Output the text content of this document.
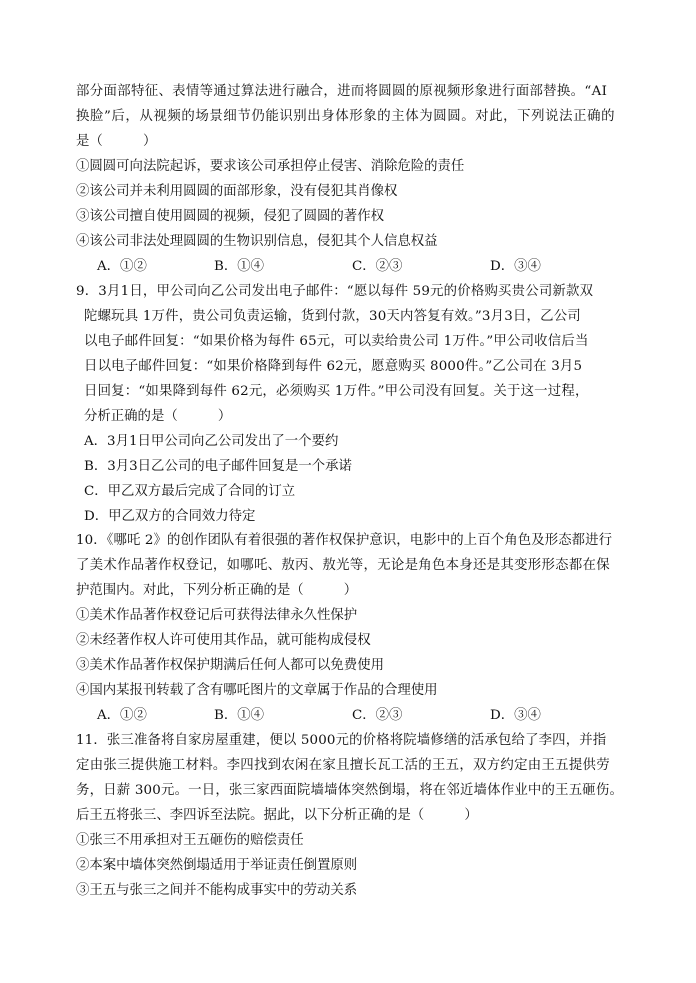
部分面部特征、表情等通过算法进行融合，进而将圆圆的原视频形象进行面部替换。“AI
换脸”后，从视频的场景细节仍能识别出身体形象的主体为圆圆。对此，下列说法正确的
是（　　　）
①圆圆可向法院起诉，要求该公司承担停止侵害、消除危险的责任
②该公司并未利用圆圆的面部形象，没有侵犯其肖像权
③该公司擅自使用圆圆的视频，侵犯了圆圆的著作权
④该公司非法处理圆圆的生物识别信息，侵犯其个人信息权益
A．①②	B．①④	C．②③	D．③④
9．3月1日，甲公司向乙公司发出电子邮件：“愿以每件 59元的价格购买贵公司新款双
陀螺玩具 1万件，贵公司负责运输，货到付款，30天内答复有效。”3月3日，乙公司
以电子邮件回复：“如果价格为每件 65元，可以卖给贵公司 1万件。”甲公司收信后当
日以电子邮件回复：“如果价格降到每件 62元，愿意购买 8000件。”乙公司在 3月5
日回复：“如果降到每件 62元，必须购买 1万件。”甲公司没有回复。关于这一过程，
分析正确的是（　　　）
A．3月1日甲公司向乙公司发出了一个要约
B．3月3日乙公司的电子邮件回复是一个承诺
C．甲乙双方最后完成了合同的订立
D．甲乙双方的合同效力待定
10．《哪吒 2》的创作团队有着很强的著作权保护意识，电影中的上百个角色及形态都进行
了美术作品著作权登记，如哪吒、敖丙、敖光等，无论是角色本身还是其变形形态都在保
护范围内。对此，下列分析正确的是（　　　）
①美术作品著作权登记后可获得法律永久性保护
②未经著作权人许可使用其作品，就可能构成侵权
③美术作品著作权保护期满后任何人都可以免费使用
④国内某报刊转载了含有哪吒图片的文章属于作品的合理使用
A．①②	B．①④	C．②③	D．③④
11．张三准备将自家房屋重建，便以 5000元的价格将院墙修缮的活承包给了李四，并指
定由张三提供施工材料。李四找到农闲在家且擅长瓦工活的王五，双方约定由王五提供劳
务，日薪 300元。一日，张三家西面院墙墙体突然倒塌，将在邻近墙体作业中的王五砸伤。
后王五将张三、李四诉至法院。据此，以下分析正确的是（　　　）
①张三不用承担对王五砸伤的赔偿责任
②本案中墙体突然倒塌适用于举证责任倒置原则
③王五与张三之间并不能构成事实中的劳动关系
